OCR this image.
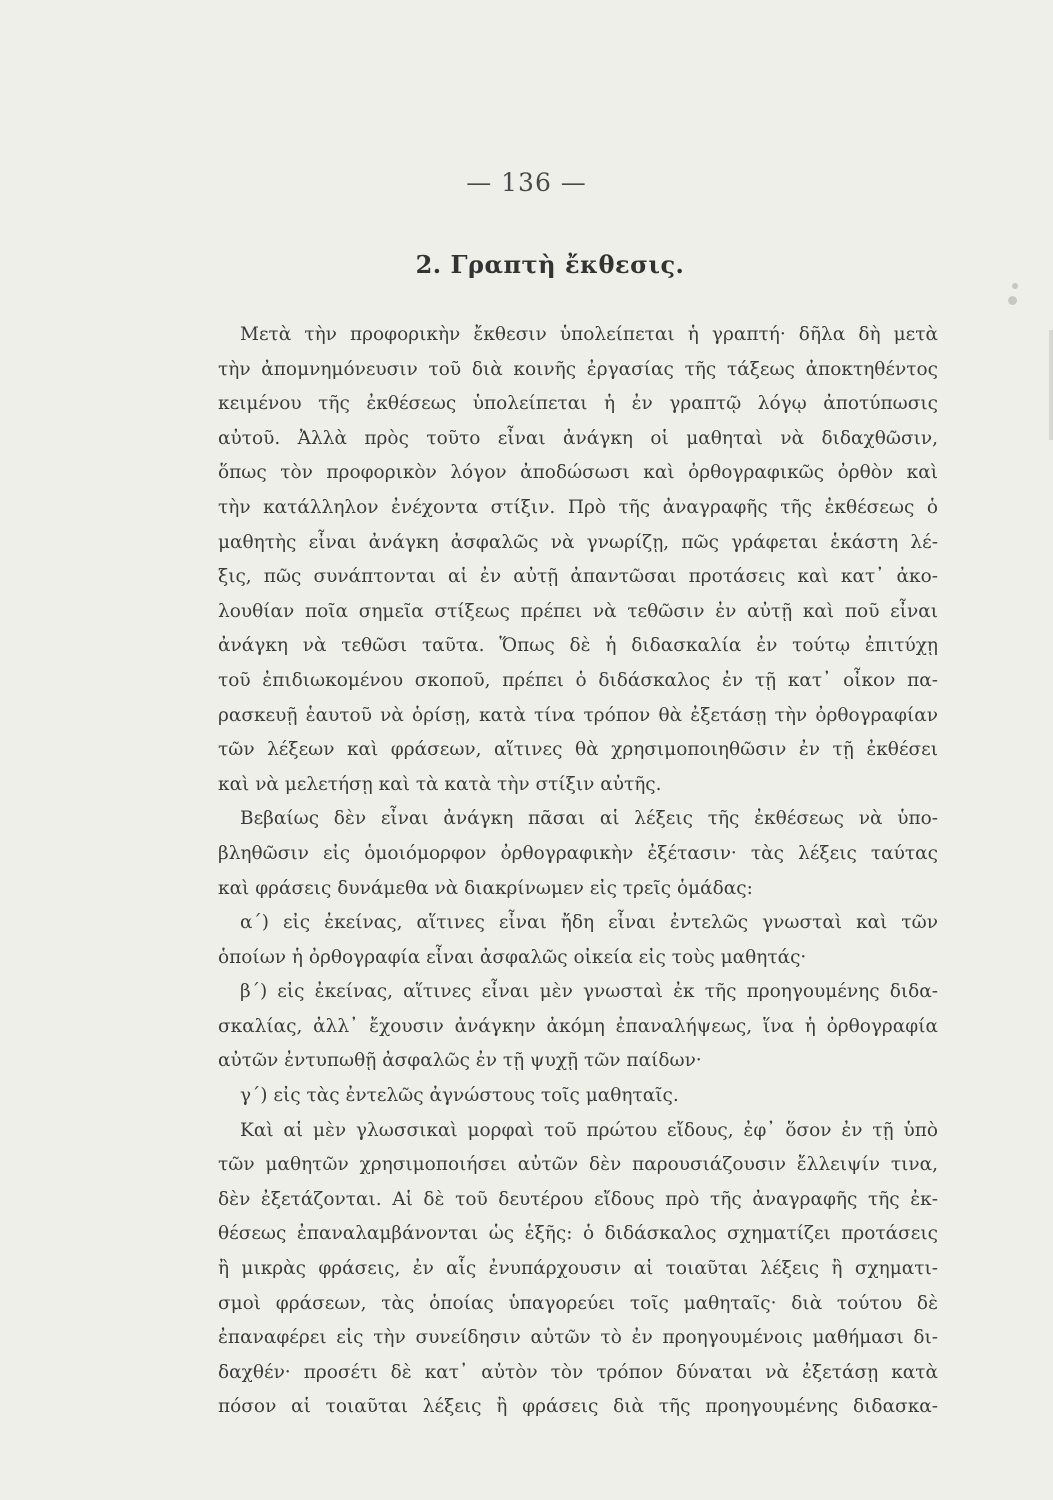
— 136 —
2. Γραπτὴ ἔκθεσις.
Μετὰ τὴν προφορικὴν ἔκθεσιν ὑπολείπεται ἡ γραπτή· δῆλα δὴ μετὰ
τὴν ἀπομνημόνευσιν τοῦ διὰ κοινῆς ἐργασίας τῆς τάξεως ἀποκτηθέντος
κειμένου τῆς ἐκθέσεως ὑπολείπεται ἡ ἐν γραπτῷ λόγῳ ἀποτύπωσις
αὐτοῦ. Ἀλλὰ πρὸς τοῦτο εἶναι ἀνάγκη οἱ μαθηταὶ νὰ διδαχθῶσιν,
ὅπως τὸν προφορικὸν λόγον ἀποδώσωσι καὶ ὀρθογραφικῶς ὀρθὸν καὶ
τὴν κατάλληλον ἐνέχοντα στίξιν. Πρὸ τῆς ἀναγραφῆς τῆς ἐκθέσεως ὁ
μαθητὴς εἶναι ἀνάγκη ἀσφαλῶς νὰ γνωρίζῃ, πῶς γράφεται ἑκάστη λέ-
ξις, πῶς συνάπτονται αἱ ἐν αὐτῇ ἀπαντῶσαι προτάσεις καὶ κατ᾽ ἀκο-
λουθίαν ποῖα σημεῖα στίξεως πρέπει νὰ τεθῶσιν ἐν αὐτῇ καὶ ποῦ εἶναι
ἀνάγκη νὰ τεθῶσι ταῦτα. Ὅπως δὲ ἡ διδασκαλία ἐν τούτῳ ἐπιτύχῃ
τοῦ ἐπιδιωκομένου σκοποῦ, πρέπει ὁ διδάσκαλος ἐν τῇ κατ᾽ οἶκον πα-
ρασκευῇ ἑαυτοῦ νὰ ὁρίσῃ, κατὰ τίνα τρόπον θὰ ἐξετάσῃ τὴν ὀρθογραφίαν
τῶν λέξεων καὶ φράσεων, αἵτινες θὰ χρησιμοποιηθῶσιν ἐν τῇ ἐκθέσει
καὶ νὰ μελετήσῃ καὶ τὰ κατὰ τὴν στίξιν αὐτῆς.
Βεβαίως δὲν εἶναι ἀνάγκη πᾶσαι αἱ λέξεις τῆς ἐκθέσεως νὰ ὑπο-
βληθῶσιν εἰς ὁμοιόμορφον ὀρθογραφικὴν ἐξέτασιν· τὰς λέξεις ταύτας
καὶ φράσεις δυνάμεθα νὰ διακρίνωμεν εἰς τρεῖς ὁμάδας:
α΄) εἰς ἐκείνας, αἵτινες εἶναι ἤδη εἶναι ἐντελῶς γνωσταὶ καὶ τῶν
ὁποίων ἡ ὀρθογραφία εἶναι ἀσφαλῶς οἰκεία εἰς τοὺς μαθητάς·
β΄) εἰς ἐκείνας, αἵτινες εἶναι μὲν γνωσταὶ ἐκ τῆς προηγουμένης διδα-
σκαλίας, ἀλλ᾽ ἔχουσιν ἀνάγκην ἀκόμη ἐπαναλήψεως, ἵνα ἡ ὀρθογραφία
αὐτῶν ἐντυπωθῇ ἀσφαλῶς ἐν τῇ ψυχῇ τῶν παίδων·
γ΄) εἰς τὰς ἐντελῶς ἀγνώστους τοῖς μαθηταῖς.
Καὶ αἱ μὲν γλωσσικαὶ μορφαὶ τοῦ πρώτου εἴδους, ἐφ᾽ ὅσον ἐν τῇ ὑπὸ
τῶν μαθητῶν χρησιμοποιήσει αὐτῶν δὲν παρουσιάζουσιν ἔλλειψίν τινα,
δὲν ἐξετάζονται. Αἱ δὲ τοῦ δευτέρου εἴδους πρὸ τῆς ἀναγραφῆς τῆς ἐκ-
θέσεως ἐπαναλαμβάνονται ὡς ἑξῆς: ὁ διδάσκαλος σχηματίζει προτάσεις
ἢ μικρὰς φράσεις, ἐν αἷς ἐνυπάρχουσιν αἱ τοιαῦται λέξεις ἢ σχηματι-
σμοὶ φράσεων, τὰς ὁποίας ὑπαγορεύει τοῖς μαθηταῖς· διὰ τούτου δὲ
ἐπαναφέρει εἰς τὴν συνείδησιν αὐτῶν τὸ ἐν προηγουμένοις μαθήμασι δι-
δαχθέν· προσέτι δὲ κατ᾽ αὐτὸν τὸν τρόπον δύναται νὰ ἐξετάσῃ κατὰ
πόσον αἱ τοιαῦται λέξεις ἢ φράσεις διὰ τῆς προηγουμένης διδασκα-
